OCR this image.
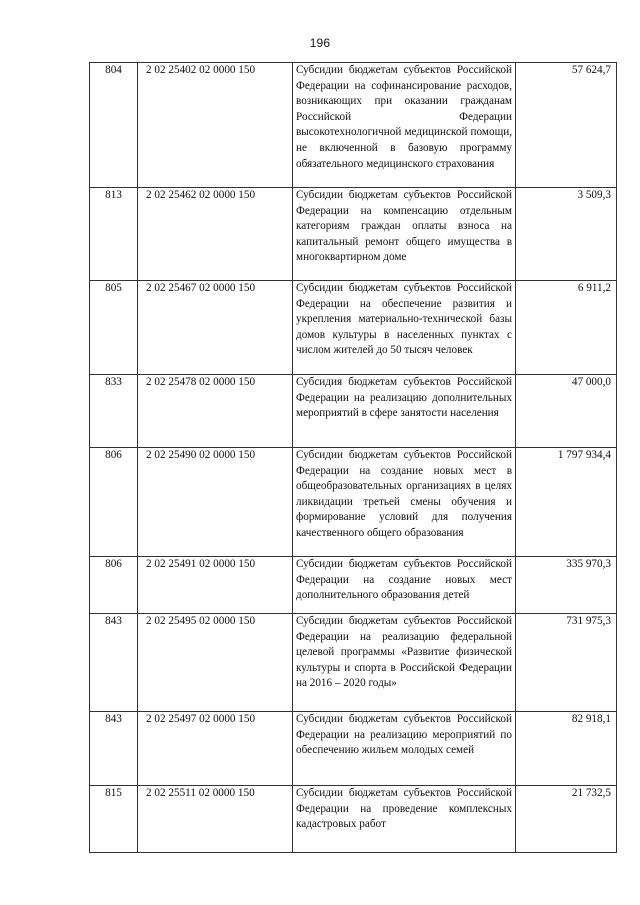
196
804	2 02 25402 02 0000 150	Субсидии бюджетам субъектов Российской Федерации на софинансирование расходов, возникающих при оказании гражданам Российской Федерации высокотехнологичной медицинской помощи, не включенной в базовую программу обязательного медицинского страхования	57 624,7
813	2 02 25462 02 0000 150	Субсидии бюджетам субъектов Российской Федерации на компенсацию отдельным категориям граждан оплаты взноса на капитальный ремонт общего имущества в многоквартирном доме	3 509,3
805	2 02 25467 02 0000 150	Субсидии бюджетам субъектов Российской Федерации на обеспечение развития и укрепления материально-технической базы домов культуры в населенных пунктах с числом жителей до 50 тысяч человек	6 911,2
833	2 02 25478 02 0000 150	Субсидия бюджетам субъектов Российской Федерации на реализацию дополнительных мероприятий в сфере занятости населения	47 000,0
806	2 02 25490 02 0000 150	Субсидии бюджетам субъектов Российской Федерации на создание новых мест в общеобразовательных организациях в целях ликвидации третьей смены обучения и формирование условий для получения качественного общего образования	1 797 934,4
806	2 02 25491 02 0000 150	Субсидии бюджетам субъектов Российской Федерации на создание новых мест дополнительного образования детей	335 970,3
843	2 02 25495 02 0000 150	Субсидии бюджетам субъектов Российской Федерации на реализацию федеральной целевой программы «Развитие физической культуры и спорта в Российской Федерации на 2016 – 2020 годы»	731 975,3
843	2 02 25497 02 0000 150	Субсидии бюджетам субъектов Российской Федерации на реализацию мероприятий по обеспечению жильем молодых семей	82 918,1
815	2 02 25511 02 0000 150	Субсидии бюджетам субъектов Российской Федерации на проведение комплексных кадастровых работ	21 732,5
